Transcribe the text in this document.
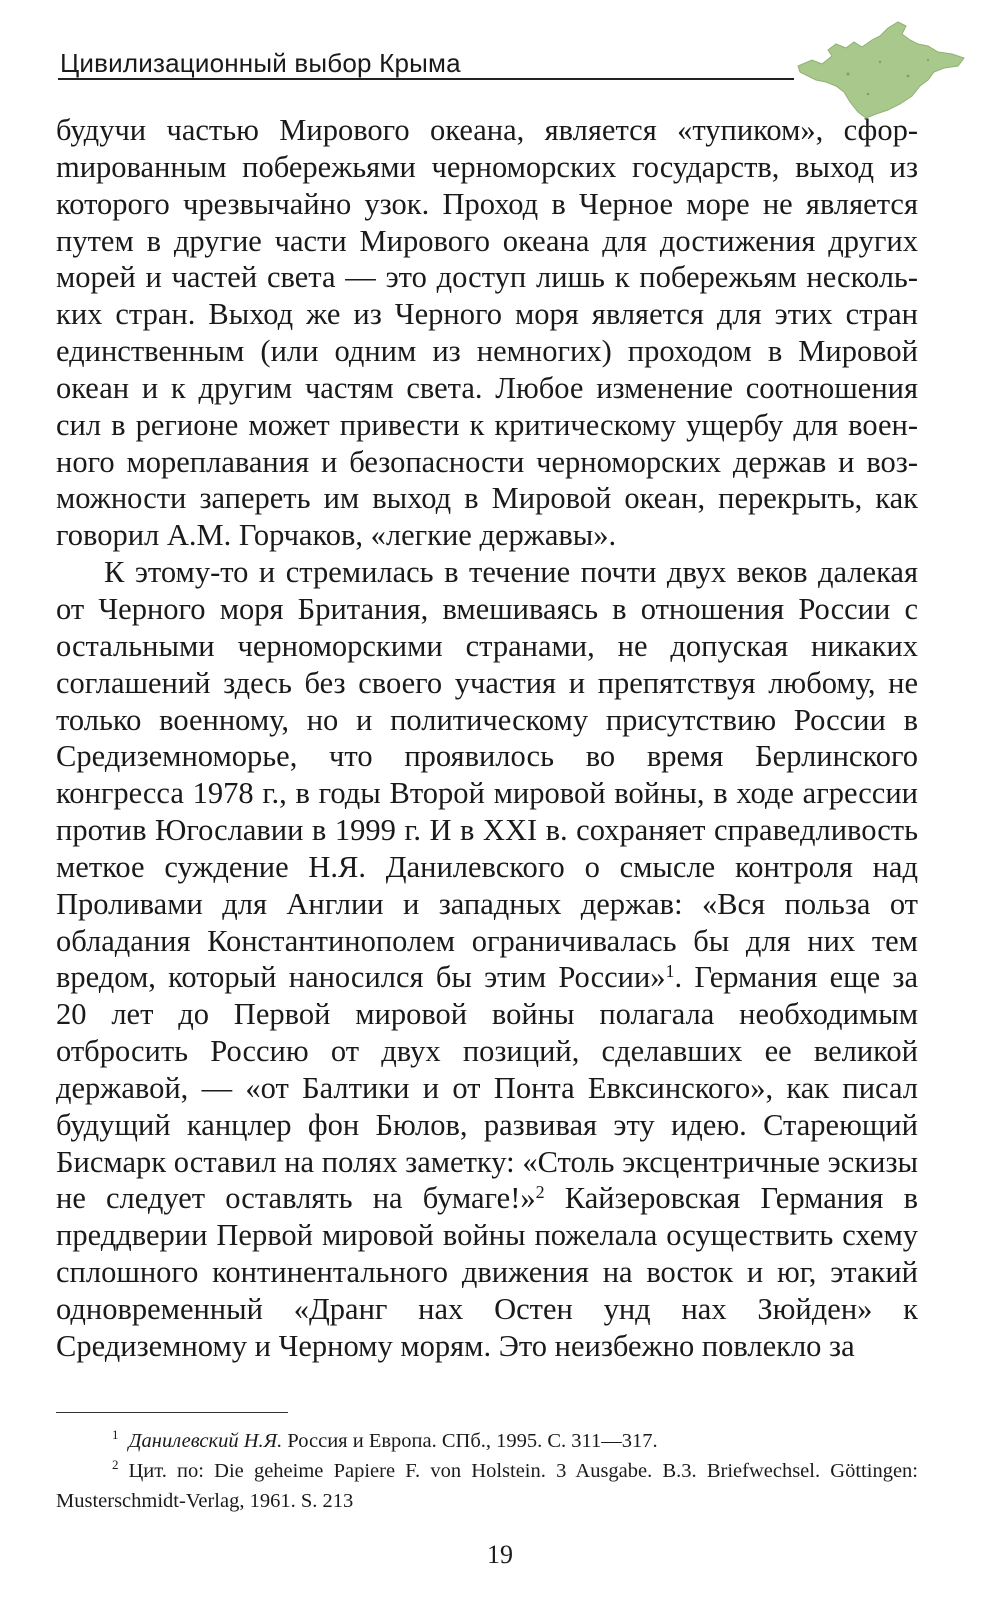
Цивилизационный выбор Крыма

будучи частью Мирового океана, является «тупиком», сфорmированным побережьями черноморских государств, выход из которого чрезвычайно узок. Проход в Черное море не является путем в другие части Мирового океана для достижения других морей и частей света — это доступ лишь к побережьям нескольких стран. Выход же из Черного моря является для этих стран единственным (или одним из немногих) проходом в Мировой океан и к другим частям света. Любое изменение соотношения сил в регионе может привести к критическому ущербу для военного мореплавания и безопасности черноморских держав и возможности запереть им выход в Мировой океан, перекрыть, как говорил А.М. Горчаков, «легкие державы».

К этому-то и стремилась в течение почти двух веков далекая от Черного моря Британия, вмешиваясь в отношения России с остальными черноморскими странами, не допуская никаких соглашений здесь без своего участия и препятствуя любому, не только военному, но и политическому присутствию России в Средиземноморье, что проявилось во время Берлинского конгресса 1978 г., в годы Второй мировой войны, в ходе агрессии против Югославии в 1999 г. И в XXI в. сохраняет справедливость меткое суждение Н.Я. Данилевского о смысле контроля над Проливами для Англии и западных держав: «Вся польза от обладания Константинополем ограничивалась бы для них тем вредом, который наносился бы этим России»$^1$. Германия еще за 20 лет до Первой мировой войны полагала необходимым отбросить Россию от двух позиций, сделавших ее великой державой, — «от Балтики и от Понта Евксинского», как писал будущий канцлер фон Бюлов, развивая эту идею. Стареющий Бисмарк оставил на полях заметку: «Столь эксцентричные эскизы не следует оставлять на бумаге!»$^2$ Кайзеровская Германия в преддверии Первой мировой войны пожелала осуществить схему сплошного континентального движения на восток и юг, этакий одновременный «Дранг нах Остен унд нах Зюйден» к Средиземному и Черному морям. Это неизбежно повлекло за

$^1$ Данилевский Н.Я. Россия и Европа. СПб., 1995. С. 311—317.

$^2$ Цит. по: Die geheime Papiere F. von Holstein. 3 Ausgabe. B.3. Briefwechsel. Göttingen: Musterschmidt-Verlag, 1961. S. 213

19
